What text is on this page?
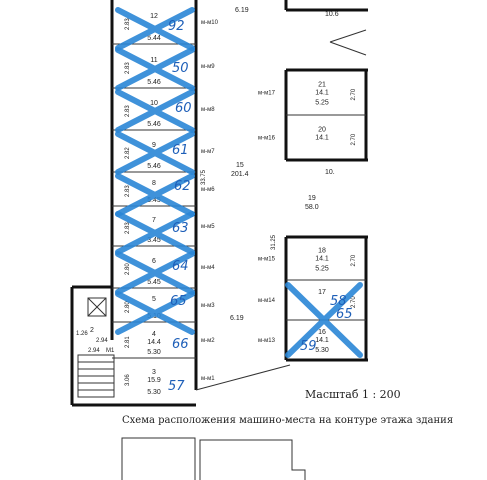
12
5.44
2.83	м-м10
11
5.46
2.83	м-м9
10
5.46
2.83	м-м8
9
5.46
2.82	м-м7
8
5.45
2.83	м-м6
7
3.45
2.83	м-м5
6
5.45
2.80	м-м4
5
5.10
2.80	м-м3
4
14.4
5.30
2.81	м-м2
3
15.9
5.30
3.06	м-м1
21
14.1
5.25
2.70
м-м17
20
14.1	2.70
м-м16
18
14.1
5.25
2.70
м-м15
17
2.70
м-м14
16
14.1
5.30
м-м13
6.19
10.6
10.
15
201.4
33.75
31.25
19
58.0
6.19
2
1.26
2.94
2.94 М1
92
50
60
61
62
63
64
65
66
57
59
58
65
Масштаб 1 : 200
Схема расположения машино-места на контуре этажа здания
